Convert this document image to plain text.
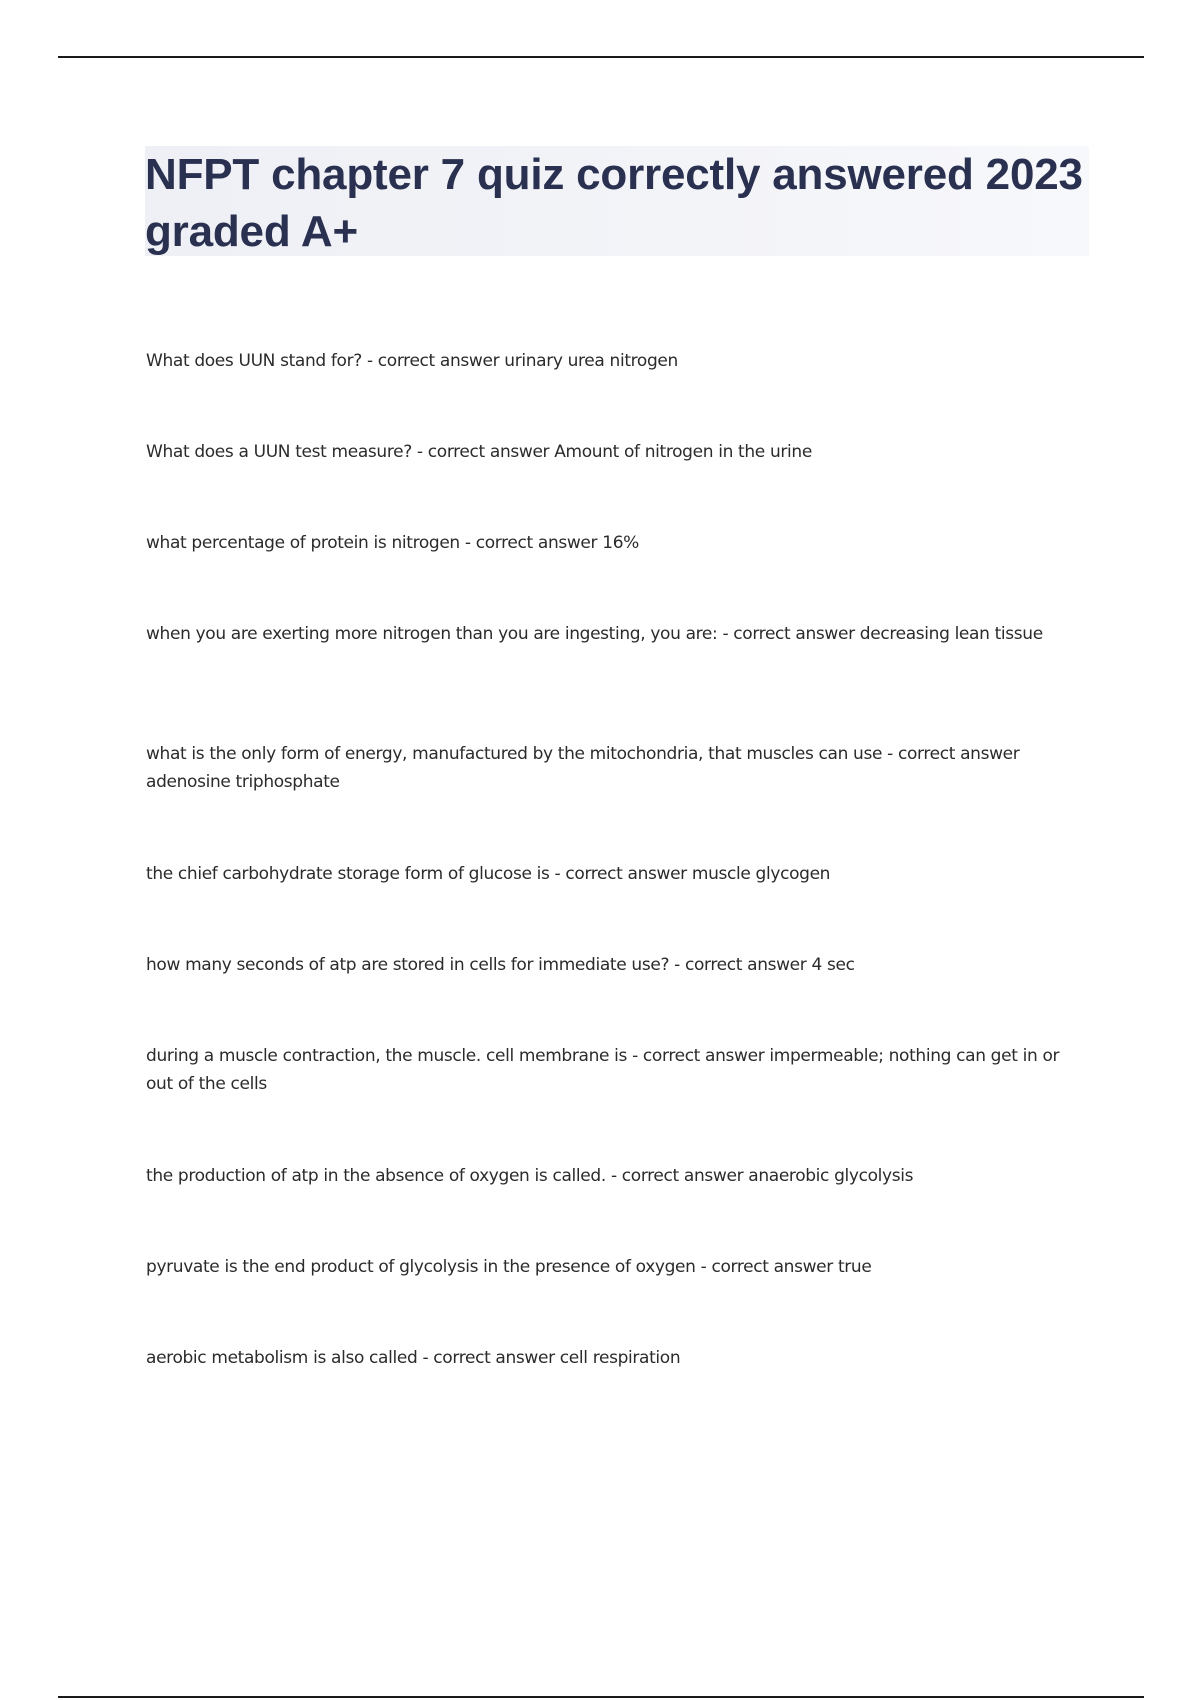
NFPT chapter 7 quiz correctly answered 2023 graded A+

What does UUN stand for? - correct answer urinary urea nitrogen

What does a UUN test measure? - correct answer Amount of nitrogen in the urine

what percentage of protein is nitrogen - correct answer 16%

when you are exerting more nitrogen than you are ingesting, you are: - correct answer decreasing lean tissue

what is the only form of energy, manufactured by the mitochondria, that muscles can use - correct answer adenosine triphosphate

the chief carbohydrate storage form of glucose is - correct answer muscle glycogen

how many seconds of atp are stored in cells for immediate use? - correct answer 4 sec

during a muscle contraction, the muscle. cell membrane is - correct answer impermeable; nothing can get in or out of the cells

the production of atp in the absence of oxygen is called. - correct answer anaerobic glycolysis

pyruvate is the end product of glycolysis in the presence of oxygen - correct answer true

aerobic metabolism is also called - correct answer cell respiration
